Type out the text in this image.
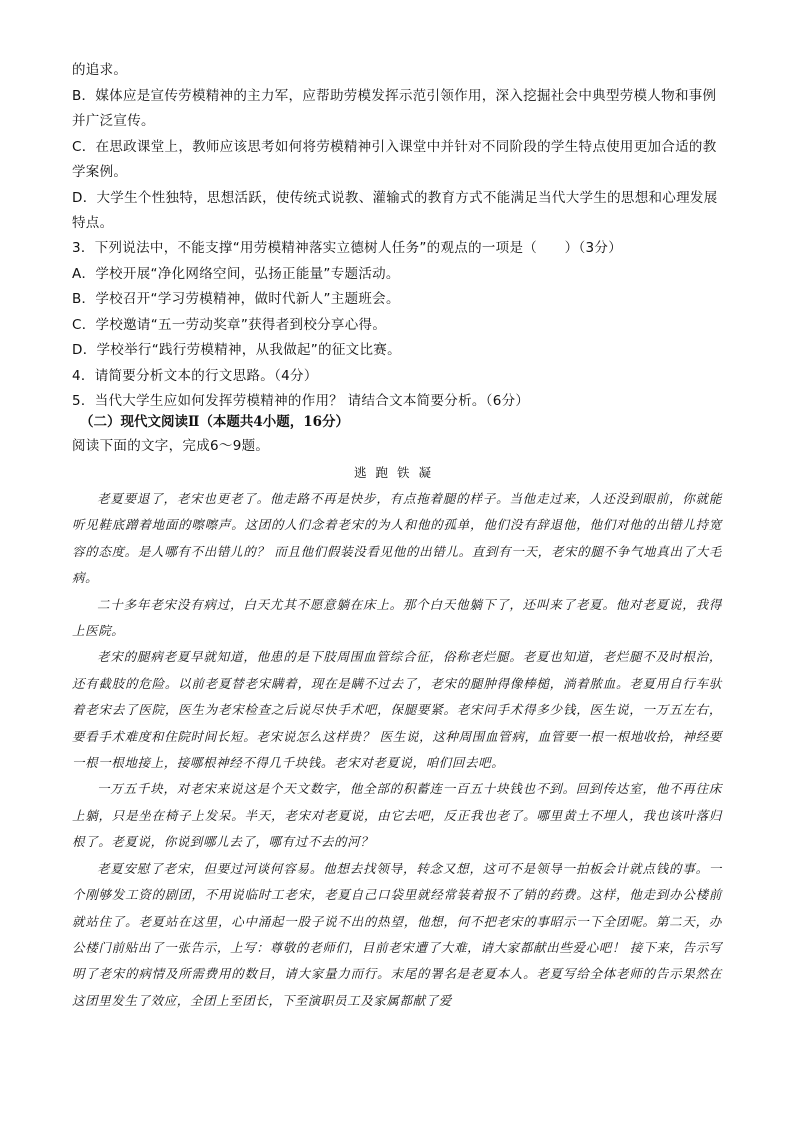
的追求。

B．媒体应是宣传劳模精神的主力军，应帮助劳模发挥示范引领作用，深入挖掘社会中典型劳模人物和事例并广泛宣传。

C．在思政课堂上，教师应该思考如何将劳模精神引入课堂中并针对不同阶段的学生特点使用更加合适的教学案例。

D．大学生个性独特，思想活跃，使传统式说教、灌输式的教育方式不能满足当代大学生的思想和心理发展特点。

3．下列说法中，不能支撑“用劳模精神落实立德树人任务”的观点的一项是（　　）（3分）

A．学校开展“净化网络空间，弘扬正能量”专题活动。

B．学校召开“学习劳模精神，做时代新人”主题班会。

C．学校邀请“五一劳动奖章”获得者到校分享心得。

D．学校举行“践行劳模精神，从我做起”的征文比赛。

4．请简要分析文本的行文思路。（4分）

5．当代大学生应如何发挥劳模精神的作用？ 请结合文本简要分析。（6分）

（二）现代文阅读Ⅱ（本题共4小题，16分）

阅读下面的文字，完成6～9题。

逃跑铁凝

老夏要退了，老宋也更老了。他走路不再是快步，有点拖着腿的样子。当他走过来，人还没到眼前，你就能听见鞋底蹭着地面的嚓嚓声。这团的人们念着老宋的为人和他的孤单，他们没有辞退他，他们对他的出错儿持宽容的态度。是人哪有不出错儿的？ 而且他们假装没看见他的出错儿。直到有一天，老宋的腿不争气地真出了大毛病。

二十多年老宋没有病过，白天尤其不愿意躺在床上。那个白天他躺下了，还叫来了老夏。他对老夏说，我得上医院。

老宋的腿病老夏早就知道，他患的是下肢周围血管综合征，俗称老烂腿。老夏也知道，老烂腿不及时根治，还有截肢的危险。以前老夏替老宋瞒着，现在是瞒不过去了，老宋的腿肿得像棒槌，淌着脓血。老夏用自行车驮着老宋去了医院，医生为老宋检查之后说尽快手术吧，保腿要紧。老宋问手术得多少钱，医生说，一万五左右，要看手术难度和住院时间长短。老宋说怎么这样贵？ 医生说，这种周围血管病，血管要一根一根地收拾，神经要一根一根地接上，接哪根神经不得几千块钱。老宋对老夏说，咱们回去吧。

一万五千块，对老宋来说这是个天文数字，他全部的积蓄连一百五十块钱也不到。回到传达室，他不再往床上躺，只是坐在椅子上发呆。半天，老宋对老夏说，由它去吧，反正我也老了。哪里黄土不埋人，我也该叶落归根了。老夏说，你说到哪儿去了，哪有过不去的河？

老夏安慰了老宋，但要过河谈何容易。他想去找领导，转念又想，这可不是领导一拍板会计就点钱的事。一个刚够发工资的剧团，不用说临时工老宋，老夏自己口袋里就经常装着报不了销的药费。这样，他走到办公楼前就站住了。老夏站在这里，心中涌起一股子说不出的热望，他想，何不把老宋的事昭示一下全团呢。第二天，办公楼门前贴出了一张告示，上写：尊敬的老师们，目前老宋遭了大难，请大家都献出些爱心吧！ 接下来，告示写明了老宋的病情及所需费用的数目，请大家量力而行。末尾的署名是老夏本人。老夏写给全体老师的告示果然在这团里发生了效应，全团上至团长，下至演职员工及家属都献了爱
